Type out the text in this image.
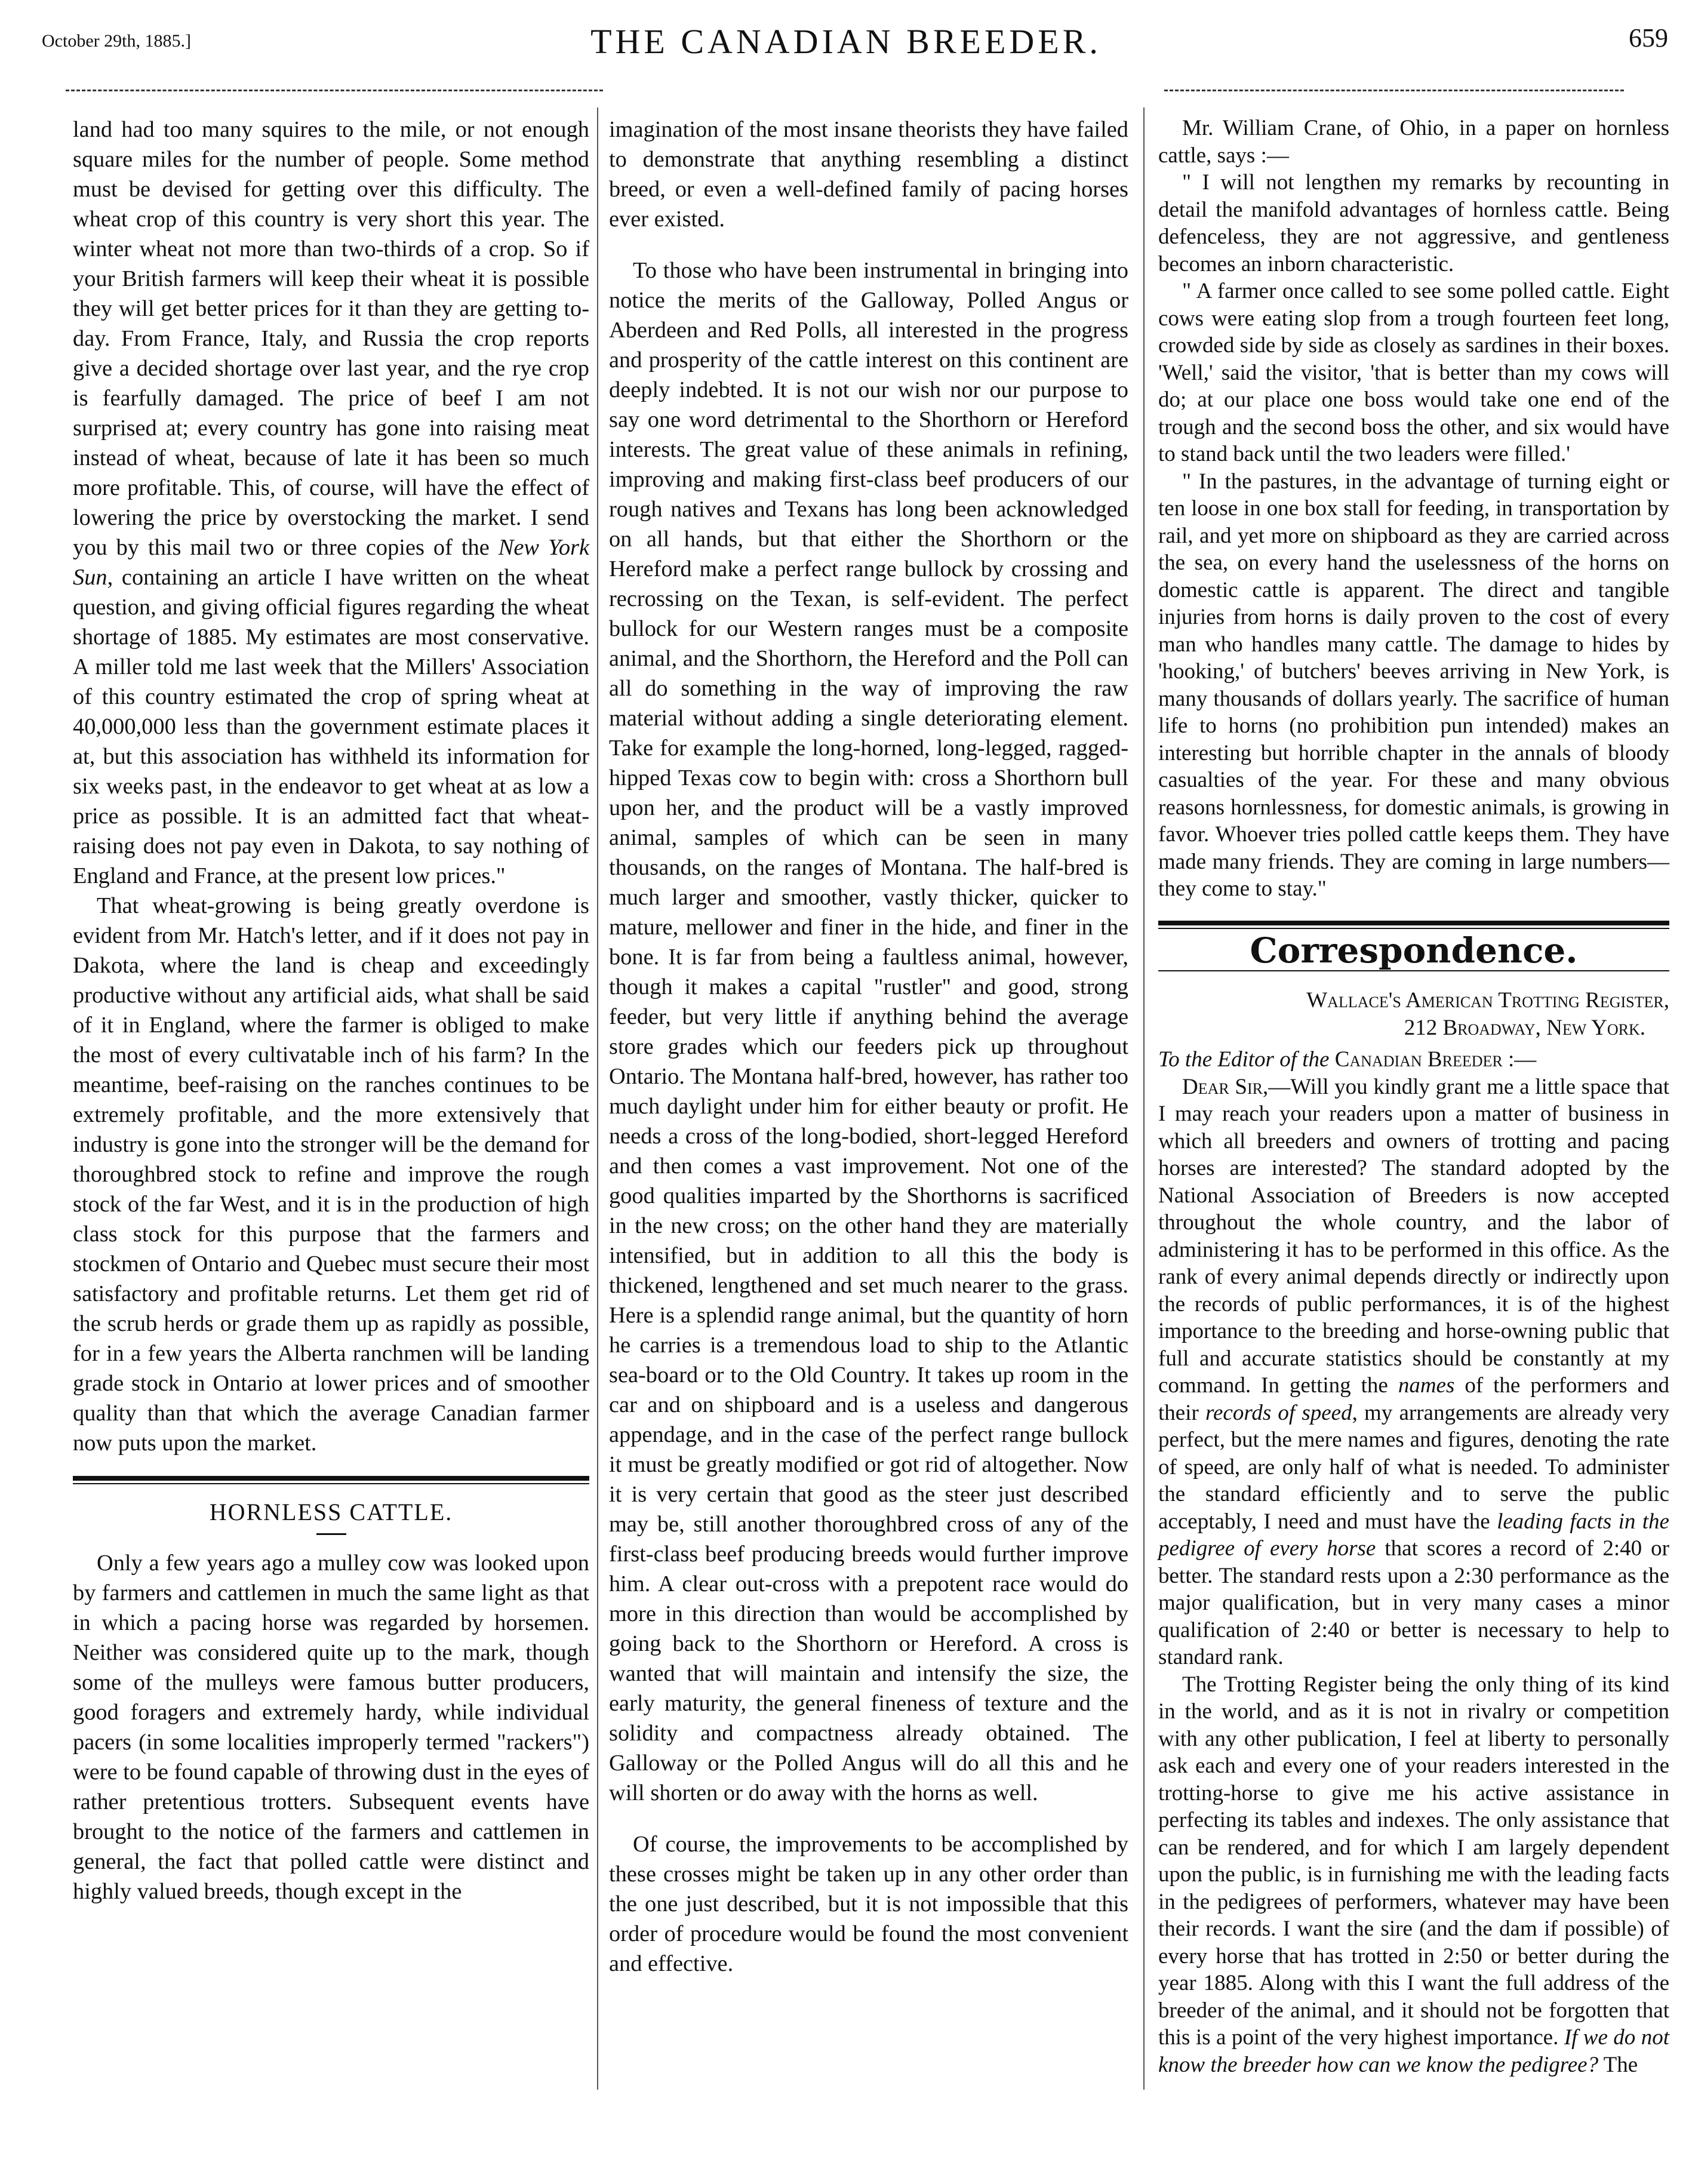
October 29th, 1885.]	THE CANADIAN BREEDER.	659

land had too many squires to the mile, or not enough square miles for the number of people. Some method must be devised for getting over this difficulty. The wheat crop of this country is very short this year. The winter wheat not more than two-thirds of a crop. So if your British farmers will keep their wheat it is possible they will get better prices for it than they are getting to-day. From France, Italy, and Russia the crop reports give a decided shortage over last year, and the rye crop is fearfully damaged. The price of beef I am not surprised at; every country has gone into raising meat instead of wheat, because of late it has been so much more profitable. This, of course, will have the effect of lowering the price by overstocking the market. I send you by this mail two or three copies of the New York Sun, containing an article I have written on the wheat question, and giving official figures regarding the wheat shortage of 1885. My estimates are most conservative. A miller told me last week that the Millers' Association of this country estimated the crop of spring wheat at 40,000,000 less than the government estimate places it at, but this association has withheld its information for six weeks past, in the endeavor to get wheat at as low a price as possible. It is an admitted fact that wheat-raising does not pay even in Dakota, to say nothing of England and France, at the present low prices."

That wheat-growing is being greatly overdone is evident from Mr. Hatch's letter, and if it does not pay in Dakota, where the land is cheap and exceedingly productive without any artificial aids, what shall be said of it in England, where the farmer is obliged to make the most of every cultivatable inch of his farm? In the meantime, beef-raising on the ranches continues to be extremely profitable, and the more extensively that industry is gone into the stronger will be the demand for thoroughbred stock to refine and improve the rough stock of the far West, and it is in the production of high class stock for this purpose that the farmers and stockmen of Ontario and Quebec must secure their most satisfactory and profitable returns. Let them get rid of the scrub herds or grade them up as rapidly as possible, for in a few years the Alberta ranchmen will be landing grade stock in Ontario at lower prices and of smoother quality than that which the average Canadian farmer now puts upon the market.

HORNLESS CATTLE.

Only a few years ago a mulley cow was looked upon by farmers and cattlemen in much the same light as that in which a pacing horse was regarded by horsemen. Neither was considered quite up to the mark, though some of the mulleys were famous butter producers, good foragers and extremely hardy, while individual pacers (in some localities improperly termed "rackers") were to be found capable of throwing dust in the eyes of rather pretentious trotters. Subsequent events have brought to the notice of the farmers and cattlemen in general, the fact that polled cattle were distinct and highly valued breeds, though except in the

imagination of the most insane theorists they have failed to demonstrate that anything resembling a distinct breed, or even a well-defined family of pacing horses ever existed.

To those who have been instrumental in bringing into notice the merits of the Galloway, Polled Angus or Aberdeen and Red Polls, all interested in the progress and prosperity of the cattle interest on this continent are deeply indebted. It is not our wish nor our purpose to say one word detrimental to the Shorthorn or Hereford interests. The great value of these animals in refining, improving and making first-class beef producers of our rough natives and Texans has long been acknowledged on all hands, but that either the Shorthorn or the Hereford make a perfect range bullock by crossing and recrossing on the Texan, is self-evident. The perfect bullock for our Western ranges must be a composite animal, and the Shorthorn, the Hereford and the Poll can all do something in the way of improving the raw material without adding a single deteriorating element. Take for example the long-horned, long-legged, ragged-hipped Texas cow to begin with: cross a Shorthorn bull upon her, and the product will be a vastly improved animal, samples of which can be seen in many thousands, on the ranges of Montana. The half-bred is much larger and smoother, vastly thicker, quicker to mature, mellower and finer in the hide, and finer in the bone. It is far from being a faultless animal, however, though it makes a capital "rustler" and good, strong feeder, but very little if anything behind the average store grades which our feeders pick up throughout Ontario. The Montana half-bred, however, has rather too much daylight under him for either beauty or profit. He needs a cross of the long-bodied, short-legged Hereford and then comes a vast improvement. Not one of the good qualities imparted by the Shorthorns is sacrificed in the new cross; on the other hand they are materially intensified, but in addition to all this the body is thickened, lengthened and set much nearer to the grass. Here is a splendid range animal, but the quantity of horn he carries is a tremendous load to ship to the Atlantic sea-board or to the Old Country. It takes up room in the car and on shipboard and is a useless and dangerous appendage, and in the case of the perfect range bullock it must be greatly modified or got rid of altogether. Now it is very certain that good as the steer just described may be, still another thoroughbred cross of any of the first-class beef producing breeds would further improve him. A clear out-cross with a prepotent race would do more in this direction than would be accomplished by going back to the Shorthorn or Hereford. A cross is wanted that will maintain and intensify the size, the early maturity, the general fineness of texture and the solidity and compactness already obtained. The Galloway or the Polled Angus will do all this and he will shorten or do away with the horns as well.

Of course, the improvements to be accomplished by these crosses might be taken up in any other order than the one just described, but it is not impossible that this order of procedure would be found the most convenient and effective.

Mr. William Crane, of Ohio, in a paper on hornless cattle, says :—

" I will not lengthen my remarks by recounting in detail the manifold advantages of hornless cattle. Being defenceless, they are not aggressive, and gentleness becomes an inborn characteristic.

" A farmer once called to see some polled cattle. Eight cows were eating slop from a trough fourteen feet long, crowded side by side as closely as sardines in their boxes. 'Well,' said the visitor, 'that is better than my cows will do; at our place one boss would take one end of the trough and the second boss the other, and six would have to stand back until the two leaders were filled.'

" In the pastures, in the advantage of turning eight or ten loose in one box stall for feeding, in transportation by rail, and yet more on shipboard as they are carried across the sea, on every hand the uselessness of the horns on domestic cattle is apparent. The direct and tangible injuries from horns is daily proven to the cost of every man who handles many cattle. The damage to hides by 'hooking,' of butchers' beeves arriving in New York, is many thousands of dollars yearly. The sacrifice of human life to horns (no prohibition pun intended) makes an interesting but horrible chapter in the annals of bloody casualties of the year. For these and many obvious reasons hornlessness, for domestic animals, is growing in favor. Whoever tries polled cattle keeps them. They have made many friends. They are coming in large numbers—they come to stay."

Correspondence.
Wallace's American Trotting Register,
212 Broadway, New York.

To the Editor of the Canadian Breeder :—

Dear Sir,—Will you kindly grant me a little space that I may reach your readers upon a matter of business in which all breeders and owners of trotting and pacing horses are interested? The standard adopted by the National Association of Breeders is now accepted throughout the whole country, and the labor of administering it has to be performed in this office. As the rank of every animal depends directly or indirectly upon the records of public performances, it is of the highest importance to the breeding and horse-owning public that full and accurate statistics should be constantly at my command. In getting the names of the performers and their records of speed, my arrangements are already very perfect, but the mere names and figures, denoting the rate of speed, are only half of what is needed. To administer the standard efficiently and to serve the public acceptably, I need and must have the leading facts in the pedigree of every horse that scores a record of 2:40 or better. The standard rests upon a 2:30 performance as the major qualification, but in very many cases a minor qualification of 2:40 or better is necessary to help to standard rank.

The Trotting Register being the only thing of its kind in the world, and as it is not in rivalry or competition with any other publication, I feel at liberty to personally ask each and every one of your readers interested in the trotting-horse to give me his active assistance in perfecting its tables and indexes. The only assistance that can be rendered, and for which I am largely dependent upon the public, is in furnishing me with the leading facts in the pedigrees of performers, whatever may have been their records. I want the sire (and the dam if possible) of every horse that has trotted in 2:50 or better during the year 1885. Along with this I want the full address of the breeder of the animal, and it should not be forgotten that this is a point of the very highest importance. If we do not know the breeder how can we know the pedigree? The
